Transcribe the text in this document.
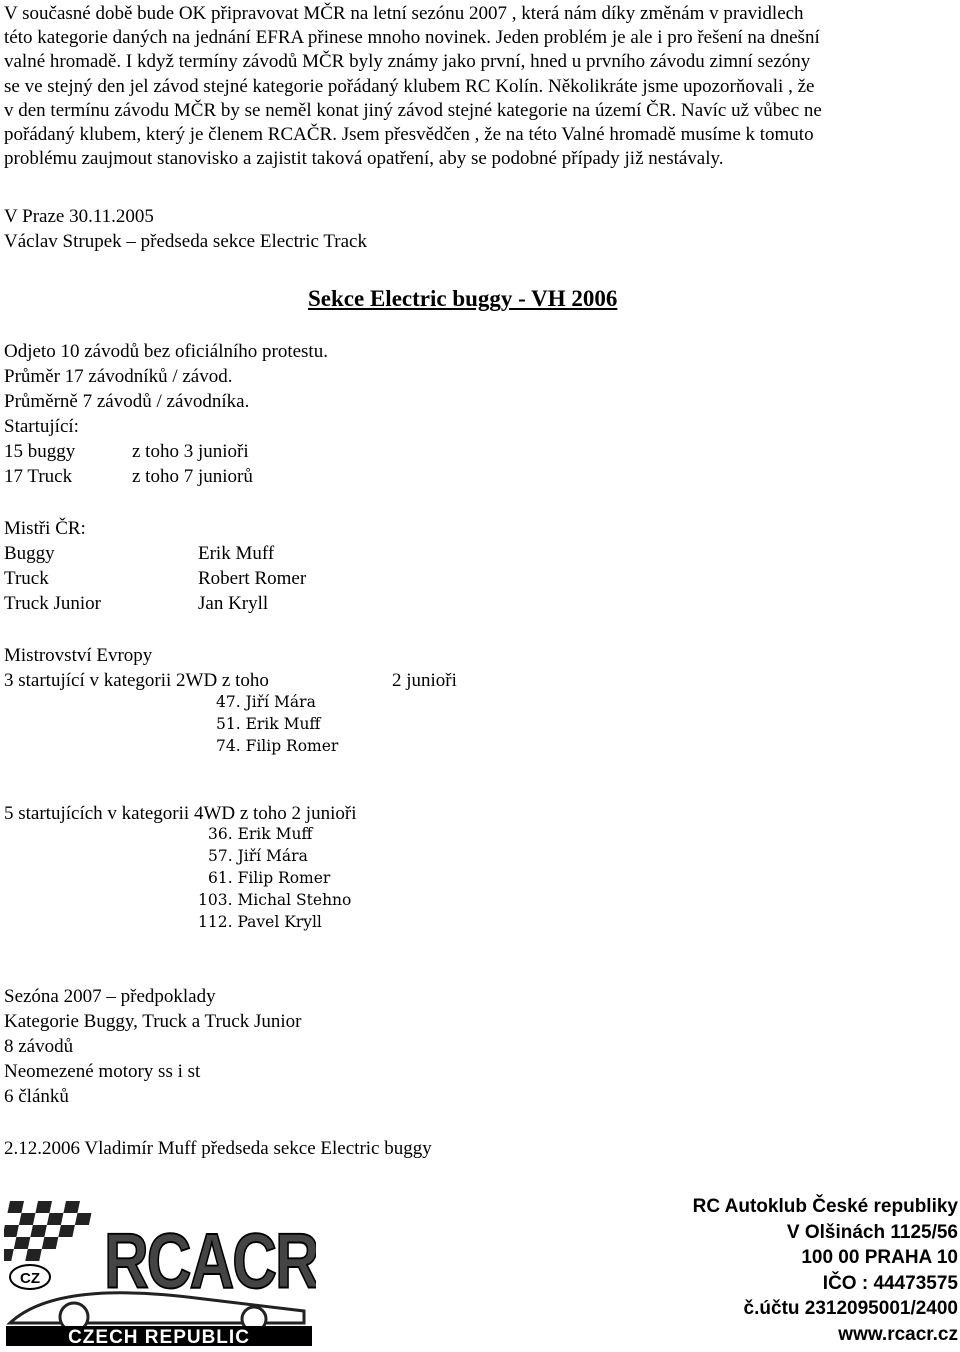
V současné době bude OK připravovat MČR na letní sezónu 2007 , která nám díky změnám v pravidlech
této kategorie daných na jednání EFRA přinese mnoho novinek. Jeden problém je ale i pro řešení na dnešní
valné hromadě. I když termíny závodů MČR byly známy jako první, hned u prvního závodu zimní sezóny
se ve stejný den jel závod stejné kategorie pořádaný klubem RC Kolín. Několikráte jsme upozorňovali , že
v den termínu závodu MČR by se neměl konat jiný závod stejné kategorie na území ČR. Navíc už vůbec ne
pořádaný klubem, který je členem RCAČR. Jsem přesvědčen , že na této Valné hromadě musíme k tomuto
problému zaujmout stanovisko a zajistit taková opatření, aby se podobné případy již nestávaly.
V Praze 30.11.2005
Václav Strupek – předseda sekce Electric Track
Sekce Electric buggy - VH 2006
Odjeto 10 závodů bez oficiálního protestu.
Průměr 17 závodníků / závod.
Průměrně 7 závodů / závodníka.
Startující:
15 buggy	z toho 3 junioři
17 Truck	z toho 7 juniorů
Mistři ČR:
Buggy	Erik Muff
Truck	Robert Romer
Truck Junior	Jan Kryll
Mistrovství Evropy
3 startující v kategorii 2WD z toho	2 junioři
47. Jiří Mára
51. Erik Muff
74. Filip Romer
5 startujících v kategorii 4WD z toho 2 junioři
36. Erik Muff
57. Jiří Mára
61. Filip Romer
103. Michal Stehno
112. Pavel Kryll
Sezóna 2007 – předpoklady
Kategorie Buggy, Truck a Truck Junior
8 závodů
Neomezené motory ss i st
6 článků
2.12.2006 Vladimír Muff předseda sekce Electric buggy
RCACR
CZ
CZECH REPUBLIC
RC Autoklub České republiky
V Olšinách 1125/56
100 00 PRAHA 10
IČO : 44473575
č.účtu 2312095001/2400
www.rcacr.cz
